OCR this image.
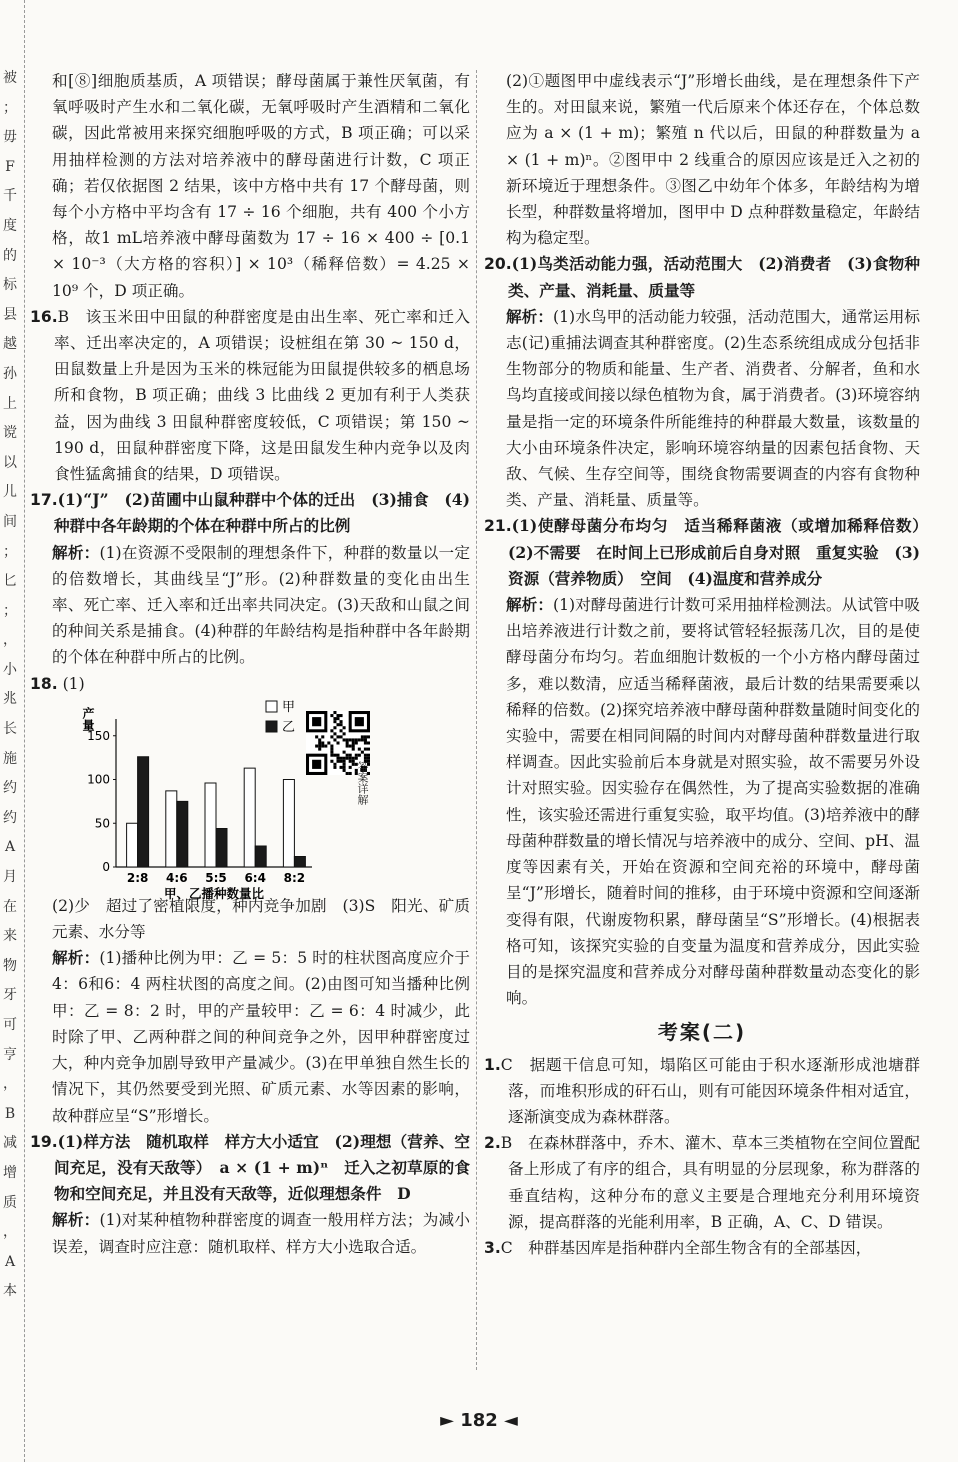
被
；
毋
F
千
度
的
标
县
越
孙
上
谠
以
儿
间
；
匕
；
，
小
兆
长
施
约
约
A
月
在
来
物
牙
可
亨
，
B
减
增
质
，
A
本

和[⑧]细胞质基质，A 项错误；酵母菌属于兼性厌氧菌，有氧呼吸时产生水和二氧化碳，无氧呼吸时产生酒精和二氧化碳，因此常被用来探究细胞呼吸的方式，B 项正确；可以采用抽样检测的方法对培养液中的酵母菌进行计数，C 项正确；若仅依据图 2 结果，该中方格中共有 17 个酵母菌，则每个小方格中平均含有 17 ÷ 16 个细胞，共有 400 个小方格，故1 mL培养液中酵母菌数为 17 ÷ 16 × 400 ÷ [0.1 × 10⁻³（大方格的容积）] × 10³（稀释倍数）= 4.25 × 10⁹ 个，D 项正确。

16.B　该玉米田中田鼠的种群密度是由出生率、死亡率和迁入率、迁出率决定的，A 项错误；设桩组在第 30 ~ 150 d，田鼠数量上升是因为玉米的株冠能为田鼠提供较多的栖息场所和食物，B 项正确；曲线 3 比曲线 2 更加有利于人类获益，因为曲线 3 田鼠种群密度较低，C 项错误；第 150 ~ 190 d，田鼠种群密度下降，这是田鼠发生种内竞争以及肉食性猛禽捕食的结果，D 项错误。

17.(1)“J”　(2)苗圃中山鼠种群中个体的迁出　(3)捕食　(4)种群中各年龄期的个体在种群中所占的比例

解析：(1)在资源不受限制的理想条件下，种群的数量以一定的倍数增长，其曲线呈“J”形。(2)种群数量的变化由出生率、死亡率、迁入率和迁出率共同决定。(3)天敌和山鼠之间的种间关系是捕食。(4)种群的年龄结构是指种群中各年龄期的个体在种群中所占的比例。

18. (1)
产量
0
50
100
150
2:8 4:6 5:5 6:4 8:2
甲、乙播种数量比
甲
乙
答案详解

(2)少　超过了密植限度，种内竞争加剧　(3)S　阳光、矿质元素、水分等

解析：(1)播种比例为甲：乙 = 5：5 时的柱状图高度应介于4：6和6：4 两柱状图的高度之间。(2)由图可知当播种比例甲：乙 = 8：2 时，甲的产量较甲：乙 = 6：4 时减少，此时除了甲、乙两种群之间的种间竞争之外，因甲种群密度过大，种内竞争加剧导致甲产量减少。(3)在甲单独自然生长的情况下，其仍然要受到光照、矿质元素、水等因素的影响，故种群应呈“S”形增长。

19.(1)样方法　随机取样　样方大小适宜　(2)理想（营养、空间充足，没有天敌等）　a × (1 + m)ⁿ　迁入之初草原的食物和空间充足，并且没有天敌等，近似理想条件　D

解析：(1)对某种植物种群密度的调查一般用样方法；为减小误差，调查时应注意：随机取样、样方大小选取合适。

(2)①题图甲中虚线表示“J”形增长曲线，是在理想条件下产生的。对田鼠来说，繁殖一代后原来个体还存在，个体总数应为 a × (1 + m)；繁殖 n 代以后，田鼠的种群数量为 a × (1 + m)ⁿ。②图甲中 2 线重合的原因应该是迁入之初的新环境近于理想条件。③图乙中幼年个体多，年龄结构为增长型，种群数量将增加，图甲中 D 点种群数量稳定，年龄结构为稳定型。

20.(1)鸟类活动能力强，活动范围大　(2)消费者　(3)食物种类、产量、消耗量、质量等

解析：(1)水鸟甲的活动能力较强，活动范围大，通常运用标志(记)重捕法调查其种群密度。(2)生态系统组成成分包括非生物部分的物质和能量、生产者、消费者、分解者，鱼和水鸟均直接或间接以绿色植物为食，属于消费者。(3)环境容纳量是指一定的环境条件所能维持的种群最大数量，该数量的大小由环境条件决定，影响环境容纳量的因素包括食物、天敌、气候、生存空间等，围绕食物需要调查的内容有食物种类、产量、消耗量、质量等。

21.(1)使酵母菌分布均匀　适当稀释菌液（或增加稀释倍数）　(2)不需要　在时间上已形成前后自身对照　重复实验　(3)资源（营养物质）　空间　(4)温度和营养成分

解析：(1)对酵母菌进行计数可采用抽样检测法。从试管中吸出培养液进行计数之前，要将试管轻轻振荡几次，目的是使酵母菌分布均匀。若血细胞计数板的一个小方格内酵母菌过多，难以数清，应适当稀释菌液，最后计数的结果需要乘以稀释的倍数。(2)探究培养液中酵母菌种群数量随时间变化的实验中，需要在相同间隔的时间内对酵母菌种群数量进行取样调查。因此实验前后本身就是对照实验，故不需要另外设计对照实验。因实验存在偶然性，为了提高实验数据的准确性，该实验还需进行重复实验，取平均值。(3)培养液中的酵母菌种群数量的增长情况与培养液中的成分、空间、pH、温度等因素有关，开始在资源和空间充裕的环境中，酵母菌呈“J”形增长，随着时间的推移，由于环境中资源和空间逐渐变得有限，代谢废物积累，酵母菌呈“S”形增长。(4)根据表格可知，该探究实验的自变量为温度和营养成分，因此实验目的是探究温度和营养成分对酵母菌种群数量动态变化的影响。

考案(二)

1.C　据题干信息可知，塌陷区可能由于积水逐渐形成池塘群落，而堆积形成的矸石山，则有可能因环境条件相对适宜，逐渐演变成为森林群落。

2.B　在森林群落中，乔木、灌木、草本三类植物在空间位置配备上形成了有序的组合，具有明显的分层现象，称为群落的垂直结构，这种分布的意义主要是合理地充分利用环境资源，提高群落的光能利用率，B 正确，A、C、D 错误。

3.C　种群基因库是指种群内全部生物含有的全部基因，

► 182 ◄
